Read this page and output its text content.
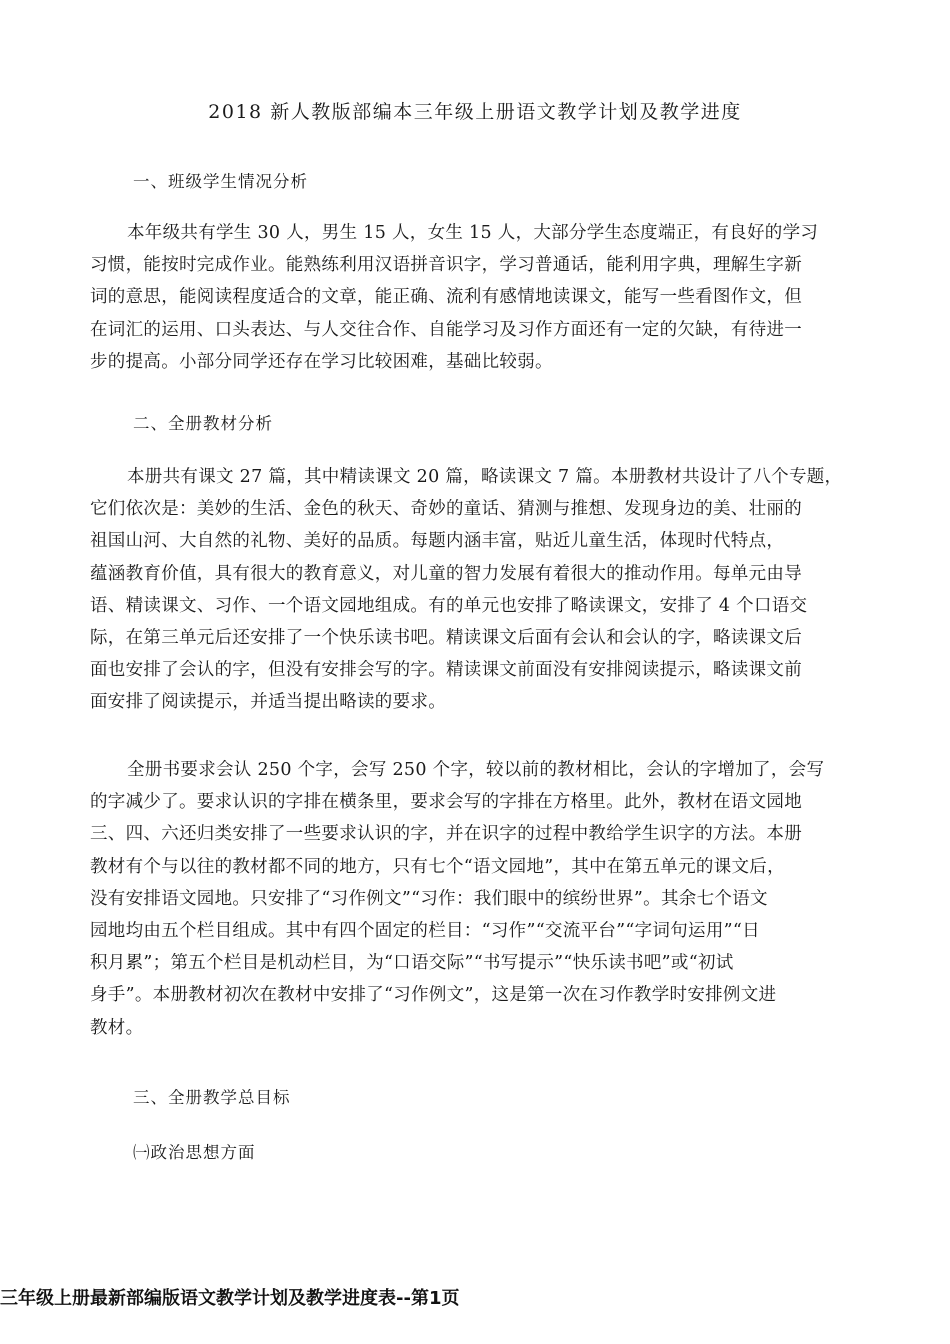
2018 新人教版部编本三年级上册语文教学计划及教学进度
一、班级学生情况分析
本年级共有学生 30 人，男生 15 人，女生 15 人，大部分学生态度端正，有良好的学习
习惯，能按时完成作业。能熟练利用汉语拼音识字，学习普通话，能利用字典，理解生字新
词的意思，能阅读程度适合的文章，能正确、流利有感情地读课文，能写一些看图作文，但
在词汇的运用、口头表达、与人交往合作、自能学习及习作方面还有一定的欠缺，有待进一
步的提高。小部分同学还存在学习比较困难，基础比较弱。
二、全册教材分析
本册共有课文 27 篇，其中精读课文 20 篇，略读课文 7 篇。本册教材共设计了八个专题，
它们依次是：美妙的生活、金色的秋天、奇妙的童话、猜测与推想、发现身边的美、壮丽的
祖国山河、大自然的礼物、美好的品质。每题内涵丰富，贴近儿童生活，体现时代特点，
蕴涵教育价值，具有很大的教育意义，对儿童的智力发展有着很大的推动作用。每单元由导
语、精读课文、习作、一个语文园地组成。有的单元也安排了略读课文，安排了 4 个口语交
际，在第三单元后还安排了一个快乐读书吧。精读课文后面有会认和会认的字，略读课文后
面也安排了会认的字，但没有安排会写的字。精读课文前面没有安排阅读提示，略读课文前
面安排了阅读提示，并适当提出略读的要求。
全册书要求会认 250 个字，会写 250 个字，较以前的教材相比，会认的字增加了，会写
的字减少了。要求认识的字排在横条里，要求会写的字排在方格里。此外，教材在语文园地
三、四、六还归类安排了一些要求认识的字，并在识字的过程中教给学生识字的方法。本册
教材有个与以往的教材都不同的地方，只有七个“语文园地”，其中在第五单元的课文后，
没有安排语文园地。只安排了“习作例文”“习作：我们眼中的缤纷世界”。其余七个语文
园地均由五个栏目组成。其中有四个固定的栏目：“习作”“交流平台”“字词句运用”“日
积月累”；第五个栏目是机动栏目，为“口语交际”“书写提示”“快乐读书吧”或“初试
身手”。本册教材初次在教材中安排了“习作例文”，这是第一次在习作教学时安排例文进
教材。
三、全册教学总目标
㈠政治思想方面
三年级上册最新部编版语文教学计划及教学进度表--第1页
